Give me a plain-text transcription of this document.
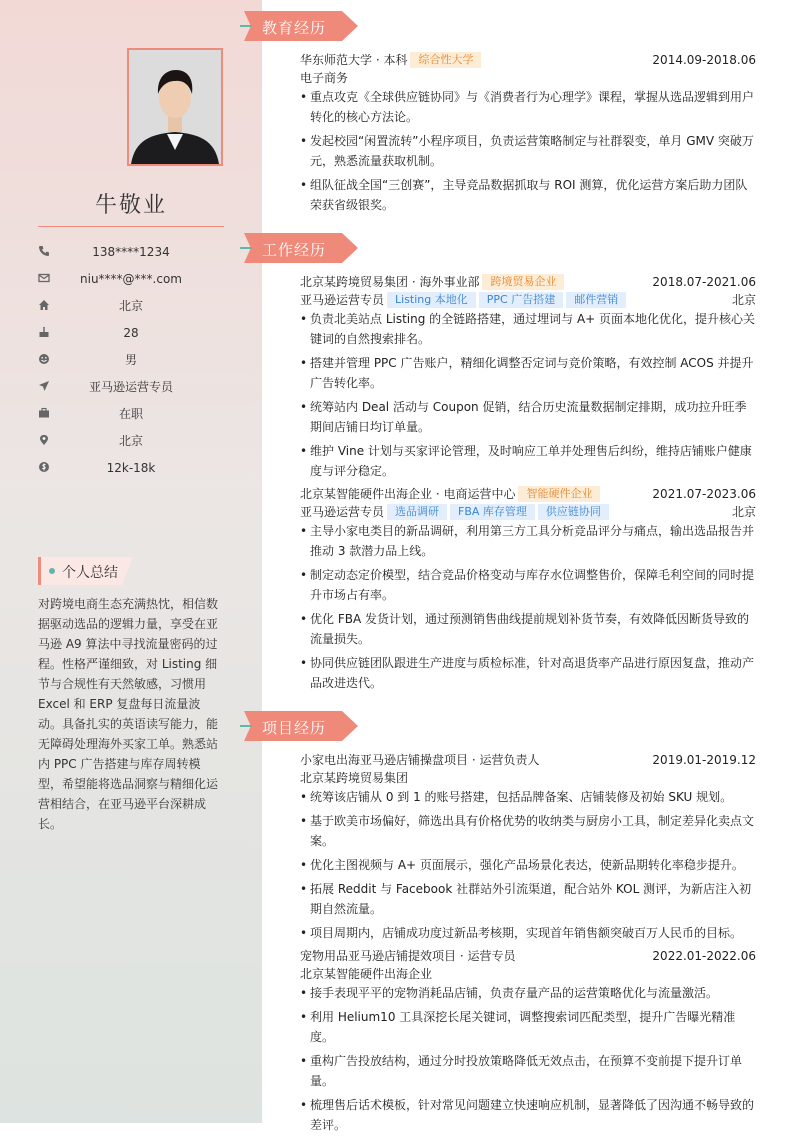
牛敬业
138****1234
niu****@***.com
北京
28
男
亚马逊运营专员
在职
北京
12k-18k
个人总结
对跨境电商生态充满热忱，相信数据驱动选品的逻辑力量，享受在亚马逊 A9 算法中寻找流量密码的过程。性格严谨细致，对 Listing 细节与合规性有天然敏感，习惯用 Excel 和 ERP 复盘每日流量波动。具备扎实的英语读写能力，能无障碍处理海外买家工单。熟悉站内 PPC 广告搭建与库存周转模型，希望能将选品洞察与精细化运营相结合，在亚马逊平台深耕成长。
教育经历
华东师范大学 · 本科 综合性大学	2014.09-2018.06
电子商务
• 重点攻克《全球供应链协同》与《消费者行为心理学》课程，掌握从选品逻辑到用户转化的核心方法论。
• 发起校园“闲置流转”小程序项目，负责运营策略制定与社群裂变，单月 GMV 突破万元，熟悉流量获取机制。
• 组队征战全国“三创赛”，主导竞品数据抓取与 ROI 测算，优化运营方案后助力团队荣获省级银奖。
工作经历
北京某跨境贸易集团 · 海外事业部 跨境贸易企业	2018.07-2021.06
亚马逊运营专员 Listing 本地化 PPC 广告搭建 邮件营销	北京
• 负责北美站点 Listing 的全链路搭建，通过埋词与 A+ 页面本地化优化，提升核心关键词的自然搜索排名。
• 搭建并管理 PPC 广告账户，精细化调整否定词与竞价策略，有效控制 ACOS 并提升广告转化率。
• 统筹站内 Deal 活动与 Coupon 促销，结合历史流量数据制定排期，成功拉升旺季期间店铺日均订单量。
• 维护 Vine 计划与买家评论管理，及时响应工单并处理售后纠纷，维持店铺账户健康度与评分稳定。
北京某智能硬件出海企业 · 电商运营中心 智能硬件企业	2021.07-2023.06
亚马逊运营专员 选品调研 FBA 库存管理 供应链协同	北京
• 主导小家电类目的新品调研，利用第三方工具分析竞品评分与痛点，输出选品报告并推动 3 款潜力品上线。
• 制定动态定价模型，结合竞品价格变动与库存水位调整售价，保障毛利空间的同时提升市场占有率。
• 优化 FBA 发货计划，通过预测销售曲线提前规划补货节奏，有效降低因断货导致的流量损失。
• 协同供应链团队跟进生产进度与质检标准，针对高退货率产品进行原因复盘，推动产品改进迭代。
项目经历
小家电出海亚马逊店铺操盘项目 · 运营负责人	2019.01-2019.12
北京某跨境贸易集团
• 统筹该店铺从 0 到 1 的账号搭建，包括品牌备案、店铺装修及初始 SKU 规划。
• 基于欧美市场偏好，筛选出具有价格优势的收纳类与厨房小工具，制定差异化卖点文案。
• 优化主图视频与 A+ 页面展示，强化产品场景化表达，使新品期转化率稳步提升。
• 拓展 Reddit 与 Facebook 社群站外引流渠道，配合站外 KOL 测评，为新店注入初期自然流量。
• 项目周期内，店铺成功度过新品考核期，实现首年销售额突破百万人民币的目标。
宠物用品亚马逊店铺提效项目 · 运营专员	2022.01-2022.06
北京某智能硬件出海企业
• 接手表现平平的宠物消耗品店铺，负责存量产品的运营策略优化与流量激活。
• 利用 Helium10 工具深挖长尾关键词，调整搜索词匹配类型，提升广告曝光精准度。
• 重构广告投放结构，通过分时投放策略降低无效点击，在预算不变前提下提升订单量。
• 梳理售后话术模板，针对常见问题建立快速响应机制，显著降低了因沟通不畅导致的差评。
